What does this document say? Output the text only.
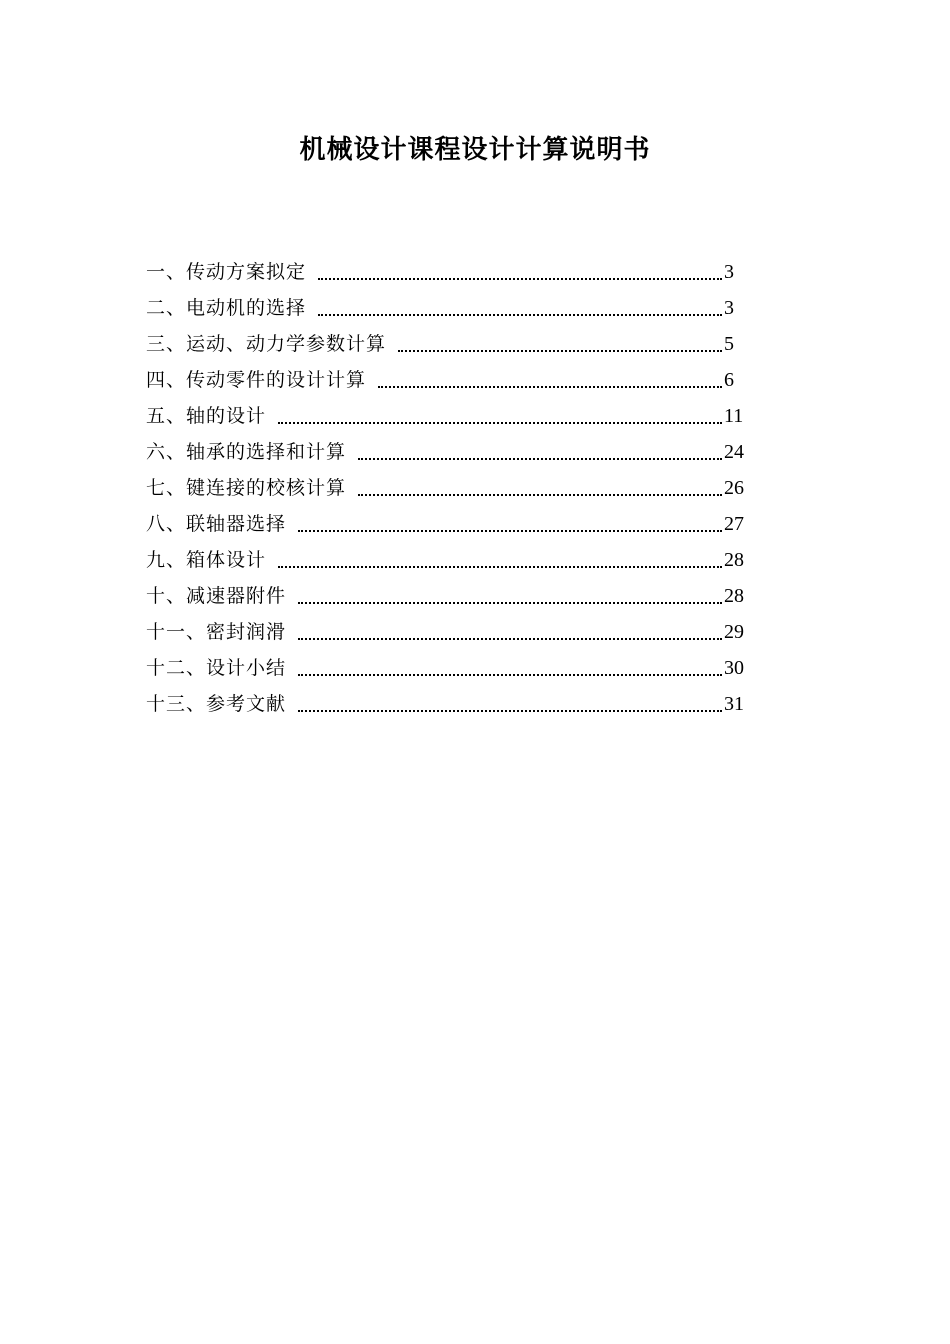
机械设计课程设计计算说明书
一、传动方案拟定	3
二、电动机的选择	3
三、运动、动力学参数计算	5
四、传动零件的设计计算	6
五、轴的设计	11
六、轴承的选择和计算	24
七、键连接的校核计算	26
八、联轴器选择	27
九、箱体设计	28
十、减速器附件	28
十一、密封润滑	29
十二、设计小结	30
十三、参考文献	31
